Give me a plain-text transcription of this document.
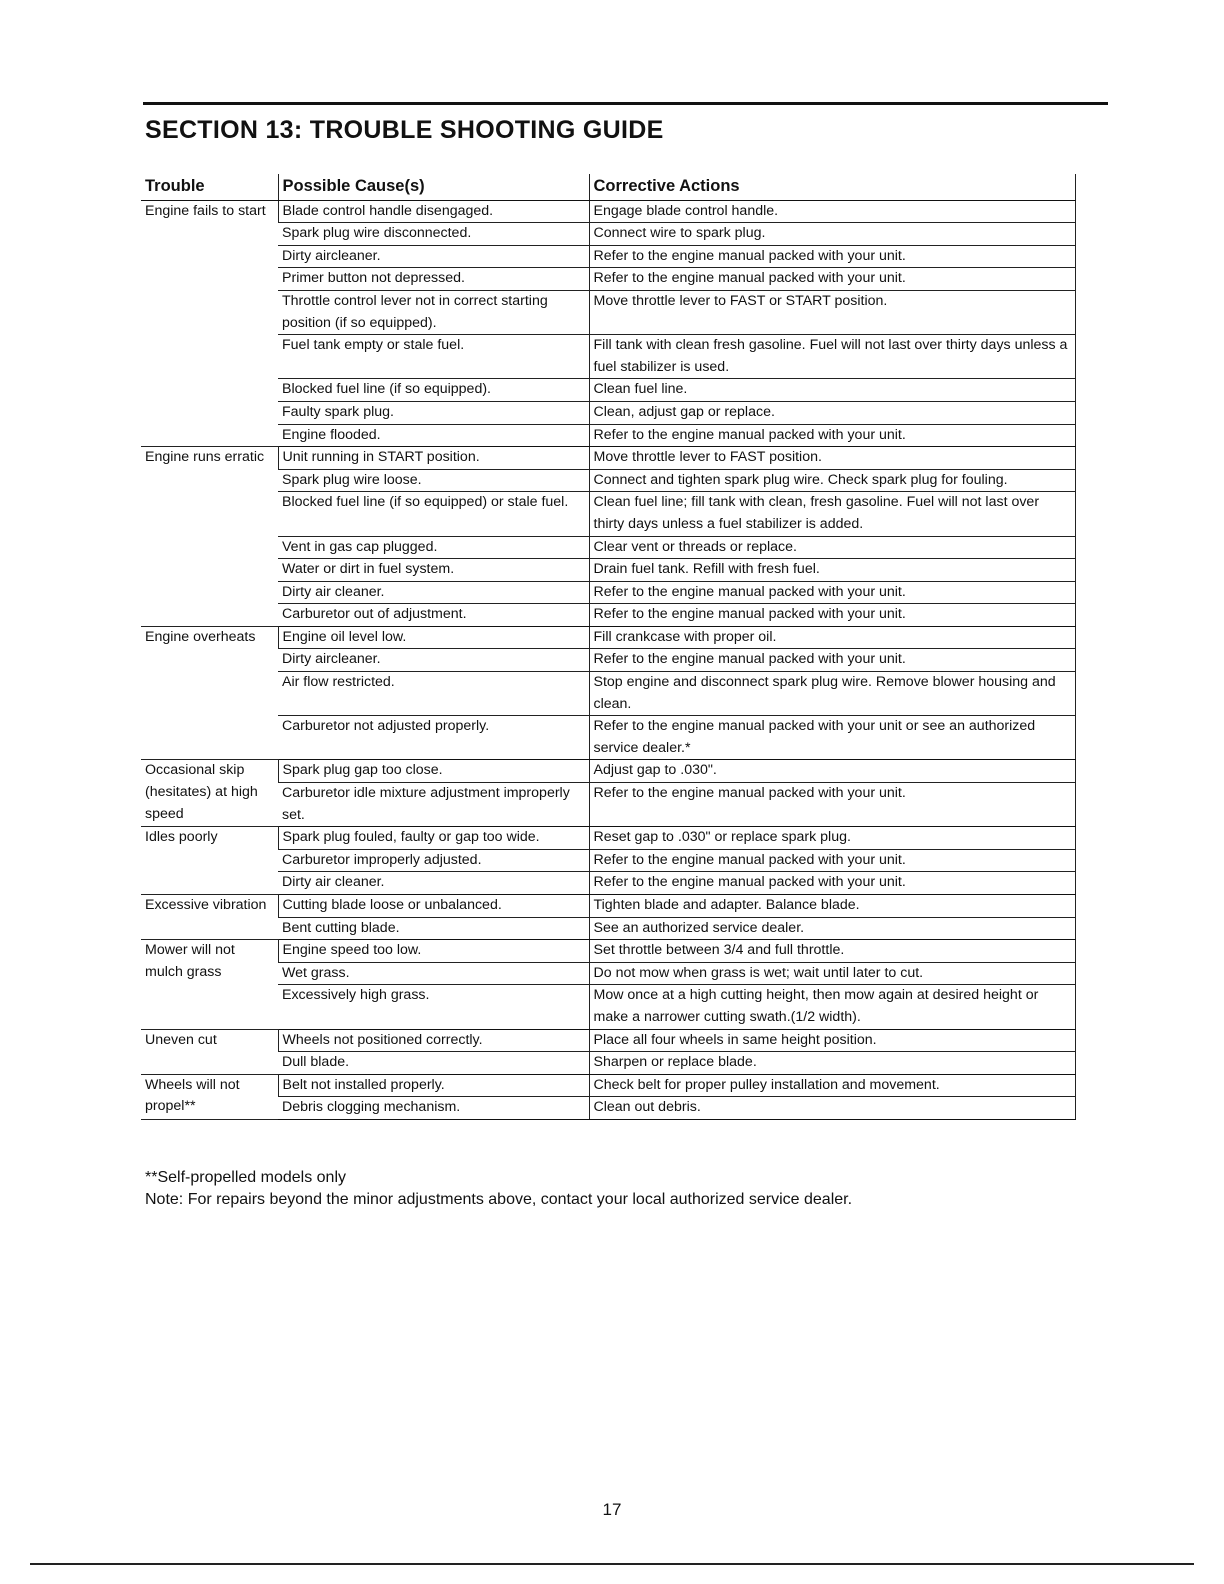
SECTION 13: TROUBLE SHOOTING GUIDE
Trouble	Possible Cause(s)	Corrective Actions
Engine fails to start	Blade control handle disengaged.	Engage blade control handle.
	Spark plug wire disconnected.	Connect wire to spark plug.
	Dirty aircleaner.	Refer to the engine manual packed with your unit.
	Primer button not depressed.	Refer to the engine manual packed with your unit.
	Throttle control lever not in correct starting position (if so equipped).	Move throttle lever to FAST or START position.
	Fuel tank empty or stale fuel.	Fill tank with clean fresh gasoline. Fuel will not last over thirty days unless a fuel stabilizer is used.
	Blocked fuel line (if so equipped).	Clean fuel line.
	Faulty spark plug.	Clean, adjust gap or replace.
	Engine flooded.	Refer to the engine manual packed with your unit.
Engine runs erratic	Unit running in START position.	Move throttle lever to FAST position.
	Spark plug wire loose.	Connect and tighten spark plug wire. Check spark plug for fouling.
	Blocked fuel line (if so equipped) or stale fuel.	Clean fuel line; fill tank with clean, fresh gasoline. Fuel will not last over thirty days unless a fuel stabilizer is added.
	Vent in gas cap plugged.	Clear vent or threads or replace.
	Water or dirt in fuel system.	Drain fuel tank. Refill with fresh fuel.
	Dirty air cleaner.	Refer to the engine manual packed with your unit.
	Carburetor out of adjustment.	Refer to the engine manual packed with your unit.
Engine overheats	Engine oil level low.	Fill crankcase with proper oil.
	Dirty aircleaner.	Refer to the engine manual packed with your unit.
	Air flow restricted.	Stop engine and disconnect spark plug wire. Remove blower housing and clean.
	Carburetor not adjusted properly.	Refer to the engine manual packed with your unit or see an authorized service dealer.*
Occasional skip (hesitates) at high speed	Spark plug gap too close.	Adjust gap to .030".
	Carburetor idle mixture adjustment improperly set.	Refer to the engine manual packed with your unit.
Idles poorly	Spark plug fouled, faulty or gap too wide.	Reset gap to .030" or replace spark plug.
	Carburetor improperly adjusted.	Refer to the engine manual packed with your unit.
	Dirty air cleaner.	Refer to the engine manual packed with your unit.
Excessive vibration	Cutting blade loose or unbalanced.	Tighten blade and adapter. Balance blade.
	Bent cutting blade.	See an authorized service dealer.
Mower will not mulch grass	Engine speed too low.	Set throttle between 3/4 and full throttle.
	Wet grass.	Do not mow when grass is wet; wait until later to cut.
	Excessively high grass.	Mow once at a high cutting height, then mow again at desired height or make a narrower cutting swath.(1/2 width).
Uneven cut	Wheels not positioned correctly.	Place all four wheels in same height position.
	Dull blade.	Sharpen or replace blade.
Wheels will not propel**	Belt not installed properly.	Check belt for proper pulley installation and movement.
	Debris clogging mechanism.	Clean out debris.

**Self-propelled models only

Note: For repairs beyond the minor adjustments above, contact your local authorized service dealer.

17
